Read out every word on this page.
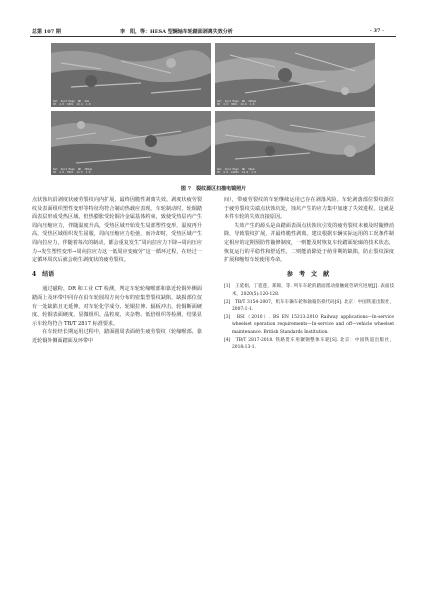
总第 107 期	李　阳，等：HESA 型辆轴车轮踏面剥离失效分析	· 37 ·
Det  Spot Magn  WD  1mm
SE  4.0  100x  14.4  1.0
Det  Spot Magn  WD  200μm
SE  4.0  300x  14.6  1.0
Det  Spot Magn  WD  100μm
SE  4.0  500x  14.5  1.0
Det  Spot Magn  WD  50μm
SE  4.0  1000x  14.6  1.0
图 7　裂纹源区扫描电镜照片

点状蚀坑沿剥度状疲劳裂纹向内扩展，最终因脆性剥离失效。剥度状疲劳裂纹及表面组织塑性变形等特征均符合制动热载应表现。车轮制动时，轮铜踏面表层形成受热区域，但热膨胀受轮铜冷金属基体约束，致使受热层内产生周向压缩应力，伴随温度升高，受热区域开始发生局部塑性变形，温度再升高，受热区域组织发生屈服，周向压缩应力松弛，而冷却时，受热区域产生周向拉应力，伴随着每次的制动，都会重复发生“周向拉应力下降→周向压应力→发生塑性变形→周向拉应力这一低周应变疲劳”这一循环过程，在经过一定循环周次后就会萌生剥度状的疲劳裂纹。

4　结语

通过磁粉、DR 和工业 CT 检测，判定车轮轮缘喉部和靠近轮铜外侧面踏面上及环带中同存在沿车轮圆周方向分布的密集型裂纹缺陷，缺损部位仅有一处缺陷且无延伸。对车轮化学成分、轮铜拉伸、辐板冲击、轮铜断面硬度、轮铜表面硬度、显微组织、晶粒度、夹杂物、低倍组织等检测，结果显示车轮均符合 TB/T 2817 标准要求。

在车轮经长期运用过程中，踏面圆周表面萌生疲劳裂纹（轮缘喉部、靠近轮铜外侧面踏面及环带中

间），带疲劳裂纹的车轮继续运用已存在剥落风险。车轮剥落部位裂纹源位于疲劳裂纹尖端点状蚀坑处，蚀坑产生的应力集中加速了失效进程，这就是本件车轮的失效直接原因。

失效产生的源头是由踏面表面点状蚀坑引发的疲劳裂纹未被及时镟修消除，导致裂纹扩展，并最终脆性剥离。建议根据车辆实际运用的工况条件制定相应的定期预防性镟修制度，一则能及时恢复车轮踏面轮廓的技术状态，恢复运行的平稳性和舒适性，二则能消除处于萌芽期的缺陷，防止裂纹深度扩展和缩短车轮使用寿命。

参 考 文 献
[1]　王延娟，丁霓莲，郑锦，等. 列车车轮的踏面派动接触疲劳研究进展[J]. 表面技术，2020(5):120-128.
[2]　TB/T 3154-2007，机车车辆车轮和轴箱伤损代码[S]. 北京：中国铁道出版社，2007:1-1.
[3]　BSI（2010）. BS EN 15313:2010 Railway applications—In-service wheelset operation requirements—In-service and off—vehicle wheelset maintenance. British Standards Institution.
[4]　TB/T 2817-2018. 铁路货车用辗钢整体车轮[S]. 北京：中国铁道出版社，2018:13-1.
